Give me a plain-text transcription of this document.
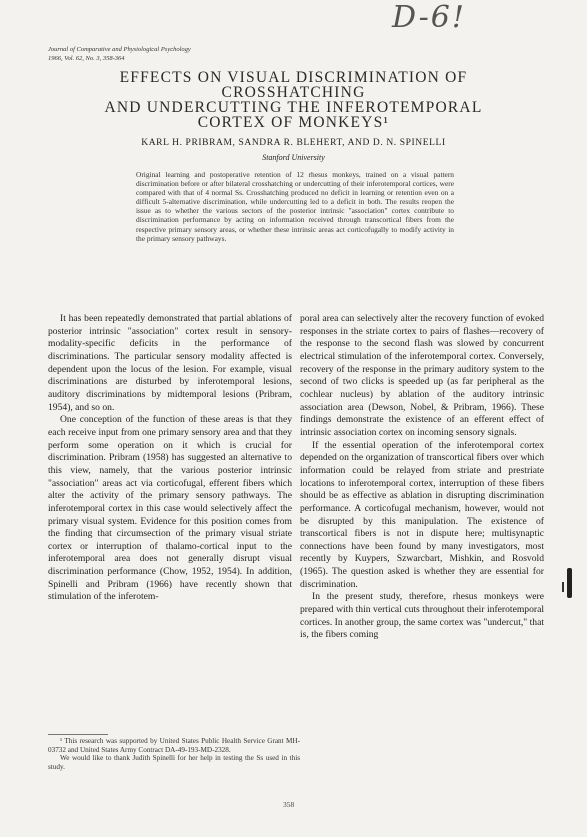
D-6!
Journal of Comparative and Physiological Psychology
1966, Vol. 62, No. 3, 358-364
EFFECTS ON VISUAL DISCRIMINATION OF CROSSHATCHING
AND UNDERCUTTING THE INFEROTEMPORAL
CORTEX OF MONKEYS¹
KARL H. PRIBRAM, SANDRA R. BLEHERT, AND D. N. SPINELLI
Stanford University
Original learning and postoperative retention of 12 rhesus monkeys, trained on a visual pattern discrimination before or after bilateral crosshatching or undercutting of their inferotemporal cortices, were compared with that of 4 normal Ss. Crosshatching produced no deficit in learning or retention even on a difficult 5-alternative discrimination, while undercutting led to a deficit in both. The results reopen the issue as to whether the various sectors of the posterior intrinsic "association" cortex contribute to discrimination performance by acting on information received through transcortical fibers from the respective primary sensory areas, or whether these intrinsic areas act corticofugally to modify activity in the primary sensory pathways.

It has been repeatedly demonstrated that partial ablations of posterior intrinsic "association" cortex result in sensory-modality-specific deficits in the performance of discriminations. The particular sensory modality affected is dependent upon the locus of the lesion. For example, visual discriminations are disturbed by inferotemporal lesions, auditory discriminations by midtemporal lesions (Pribram, 1954), and so on.

One conception of the function of these areas is that they each receive input from one primary sensory area and that they perform some operation on it which is crucial for discrimination. Pribram (1958) has suggested an alternative to this view, namely, that the various posterior intrinsic "association" areas act via corticofugal, efferent fibers which alter the activity of the primary sensory pathways. The inferotemporal cortex in this case would selectively affect the primary visual system. Evidence for this position comes from the finding that circumsection of the primary visual striate cortex or interruption of thalamo-cortical input to the inferotemporal area does not generally disrupt visual discrimination performance (Chow, 1952, 1954). In addition, Spinelli and Pribram (1966) have recently shown that stimulation of the inferotem-

poral area can selectively alter the recovery function of evoked responses in the striate cortex to pairs of flashes—recovery of the response to the second flash was slowed by concurrent electrical stimulation of the inferotemporal cortex. Conversely, recovery of the response in the primary auditory system to the second of two clicks is speeded up (as far peripheral as the cochlear nucleus) by ablation of the auditory intrinsic association area (Dewson, Nobel, & Pribram, 1966). These findings demonstrate the existence of an efferent effect of intrinsic association cortex on incoming sensory signals.

If the essential operation of the inferotemporal cortex depended on the organization of transcortical fibers over which information could be relayed from striate and prestriate locations to inferotemporal cortex, interruption of these fibers should be as effective as ablation in disrupting discrimination performance. A corticofugal mechanism, however, would not be disrupted by this manipulation. The existence of transcortical fibers is not in dispute here; multisynaptic connections have been found by many investigators, most recently by Kuypers, Szwarcbart, Mishkin, and Rosvold (1965). The question asked is whether they are essential for discrimination.

In the present study, therefore, rhesus monkeys were prepared with thin vertical cuts throughout their inferotemporal cortices. In another group, the same cortex was "undercut," that is, the fibers coming

¹ This research was supported by United States Public Health Service Grant MH-03732 and United States Army Contract DA-49-193-MD-2328.

We would like to thank Judith Spinelli for her help in testing the Ss used in this study.

358
